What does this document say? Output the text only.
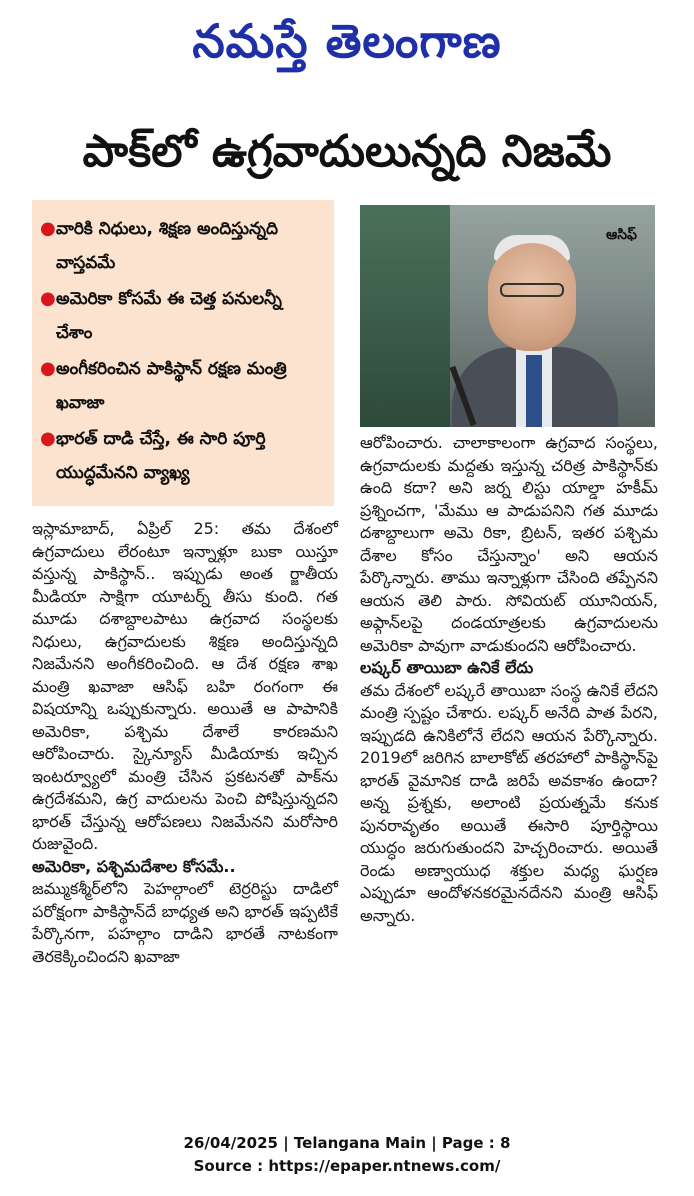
నమస్తే తెలంగాణ
పాక్‌లో ఉగ్రవాదులున్నది నిజమే
● వారికి నిధులు, శిక్షణ అందిస్తున్నది వాస్తవమే
● అమెరికా కోసమే ఈ చెత్త పనులన్నీ చేశాం
● అంగీకరించిన పాకిస్థాన్ రక్షణ మంత్రి ఖవాజా
● భారత్ దాడి చేస్తే, ఈ సారి పూర్తి యుద్ధమేనని వ్యాఖ్య
ఆసిఫ్

ఇస్లామాబాద్, ఏప్రిల్ 25: తమ దేశంలో ఉగ్రవాదులు లేరంటూ ఇన్నాళ్లూ బుకా యిస్తూ వస్తున్న పాకిస్థాన్.. ఇప్పుడు అంత ర్జాతీయ మీడియా సాక్షిగా యూటర్న్ తీసు కుంది. గత మూడు దశాబ్దాలపాటు ఉగ్రవాద సంస్థలకు నిధులు, ఉగ్రవాదులకు శిక్షణ అందిస్తున్నది నిజమేనని అంగీకరించింది. ఆ దేశ రక్షణ శాఖ మంత్రి ఖవాజా ఆసిఫ్ బహి రంగంగా ఈ విషయాన్ని ఒప్పుకున్నారు. అయితే ఆ పాపానికి అమెరికా, పశ్చిమ దేశాలే కారణమని ఆరోపించారు. స్కైన్యూస్ మీడియాకు ఇచ్చిన ఇంటర్వ్యూలో మంత్రి చేసిన ప్రకటనతో పాక్‌ను ఉగ్రదేశమని, ఉగ్ర వాదులను పెంచి పోషిస్తున్నదని భారత్ చేస్తున్న ఆరోపణలు నిజమేనని మరోసారి రుజువైంది.

అమెరికా, పశ్చిమదేశాల కోసమే..

జమ్ముకశ్మీర్‌లోని పెహల్గాంలో టెర్రరిస్టు దాడిలో పరోక్షంగా పాకిస్థాన్‌దే బాధ్యత అని భారత్ ఇప్పటికే పేర్కొనగా, పహల్గాం దాడిని భారతే నాటకంగా తెరకెక్కించిందని ఖవాజా

ఆరోపించారు. చాలాకాలంగా ఉగ్రవాద సంస్థలు, ఉగ్రవాదులకు మద్దతు ఇస్తున్న చరిత్ర పాకిస్థాన్‌కు ఉంది కదా? అని జర్న లిస్టు యాల్డా హకీమ్ ప్రశ్నించగా, 'మేము ఆ పాడుపనిని గత మూడు దశాబ్దాలుగా అమె రికా, బ్రిటన్, ఇతర పశ్చిమ దేశాల కోసం చేస్తున్నాం' అని ఆయన పేర్కొన్నారు. తాము ఇన్నాళ్లుగా చేసింది తప్పేనని ఆయన తెలి పారు. సోవియట్ యూనియన్, అఫ్గాన్‌లపై దండయాత్రలకు ఉగ్రవాదులను అమెరికా పావుగా వాడుకుందని ఆరోపించారు.

లష్కర్ తాయిబా ఉనికే లేదు

తమ దేశంలో లష్కరే తాయిబా సంస్థ ఉనికే లేదని మంత్రి స్పష్టం చేశారు. లష్కర్ అనేది పాత పేరని, ఇప్పుడది ఉనికిలోనే లేదని ఆయన పేర్కొన్నారు. 2019లో జరిగిన బాలాకోట్ తరహాలో పాకిస్థాన్‌పై భారత్ వైమానిక దాడి జరిపే అవకాశం ఉందా? అన్న ప్రశ్నకు, అలాంటి ప్రయత్నమే కనుక పునరావృతం అయితే ఈసారి పూర్తిస్థాయి యుద్ధం జరుగుతుందని హెచ్చరించారు. అయితే రెండు అణ్వాయుధ శక్తుల మధ్య ఘర్షణ ఎప్పుడూ ఆందోళనకరమైనదేనని మంత్రి ఆసిఫ్ అన్నారు.

26/04/2025 | Telangana Main | Page : 8
Source : https://epaper.ntnews.com/
